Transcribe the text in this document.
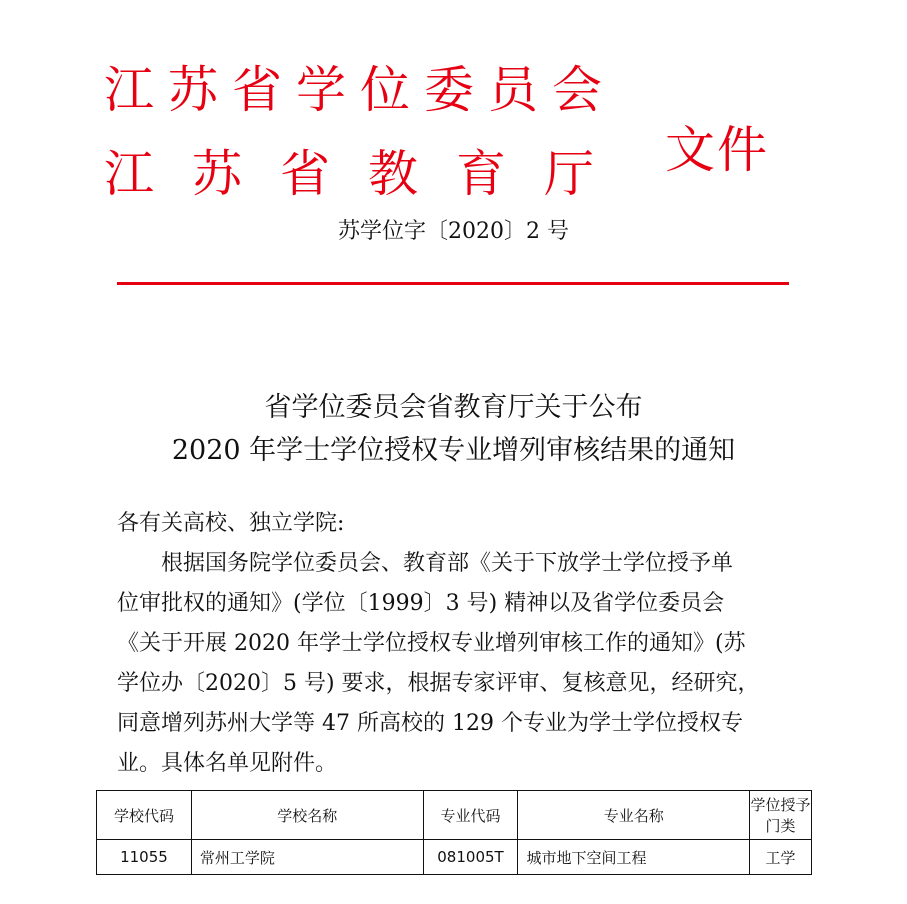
江苏省学位委员会
江苏省教育厅 文件
苏学位字〔2020〕2 号
省学位委员会省教育厅关于公布
2020 年学士学位授权专业增列审核结果的通知
各有关高校、独立学院:
　　根据国务院学位委员会、教育部《关于下放学士学位授予单
位审批权的通知》(学位〔1999〕3 号) 精神以及省学位委员会
《关于开展 2020 年学士学位授权专业增列审核工作的通知》(苏
学位办〔2020〕5 号) 要求，根据专家评审、复核意见，经研究，
同意增列苏州大学等 47 所高校的 129 个专业为学士学位授权专
业。具体名单见附件。
学校代码	学校名称	专业代码	专业名称	学位授予门类
11055	常州工学院	081005T	城市地下空间工程	工学
